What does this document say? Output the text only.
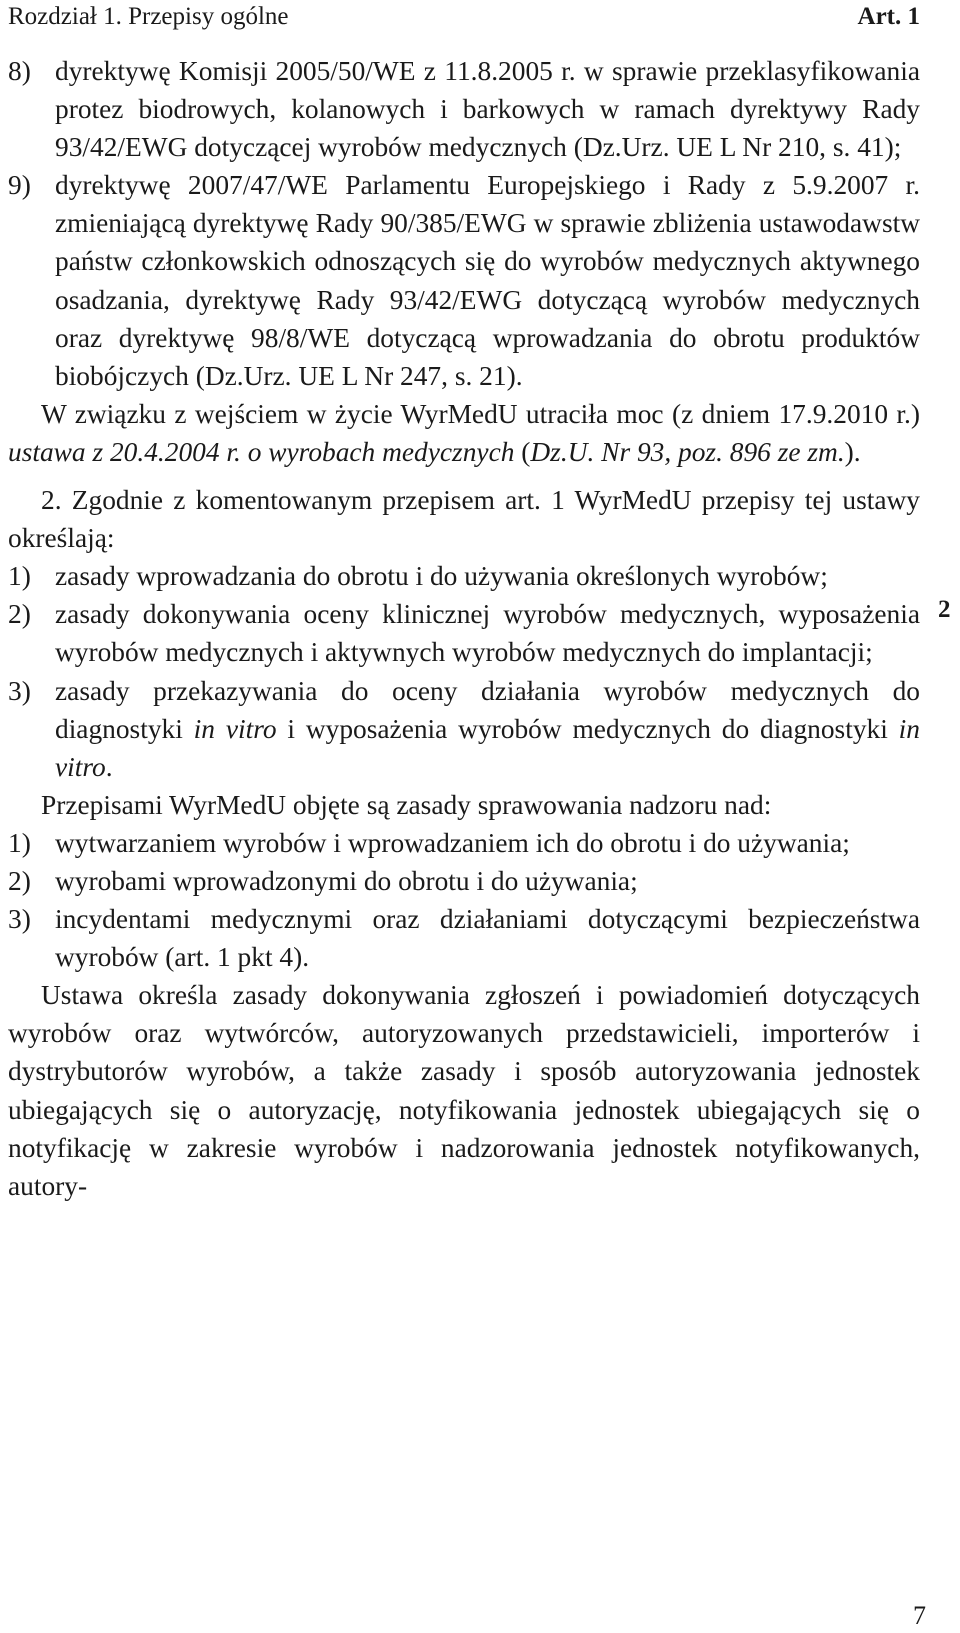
Rozdział 1. Przepisy ogólne	Art. 1
8) dyrektywę Komisji 2005/50/WE z 11.8.2005 r. w sprawie przeklasyfikowania protez biodrowych, kolanowych i barkowych w ramach dyrektywy Rady 93/42/EWG dotyczącej wyrobów medycznych (Dz.Urz. UE L Nr 210, s. 41);
9) dyrektywę 2007/47/WE Parlamentu Europejskiego i Rady z 5.9.2007 r. zmieniającą dyrektywę Rady 90/385/EWG w sprawie zbliżenia ustawodawstw państw członkowskich odnoszących się do wyrobów medycznych aktywnego osadzania, dyrektywę Rady 93/42/EWG dotyczącą wyrobów medycznych oraz dyrektywę 98/8/WE dotyczącą wprowadzania do obrotu produktów biobójczych (Dz.Urz. UE L Nr 247, s. 21).

W związku z wejściem w życie WyrMedU utraciła moc (z dniem 17.9.2010 r.) ustawa z 20.4.2004 r. o wyrobach medycznych (Dz.U. Nr 93, poz. 896 ze zm.).

2. Zgodnie z komentowanym przepisem art. 1 WyrMedU przepisy tej ustawy określają:

1) zasady wprowadzania do obrotu i do używania określonych wyrobów;
2) zasady dokonywania oceny klinicznej wyrobów medycznych, wyposażenia wyrobów medycznych i aktywnych wyrobów medycznych do implantacji;
3) zasady przekazywania do oceny działania wyrobów medycznych do diagnostyki in vitro i wyposażenia wyrobów medycznych do diagnostyki in vitro.

Przepisami WyrMedU objęte są zasady sprawowania nadzoru nad:

1) wytwarzaniem wyrobów i wprowadzaniem ich do obrotu i do używania;
2) wyrobami wprowadzonymi do obrotu i do używania;
3) incydentami medycznymi oraz działaniami dotyczącymi bezpieczeństwa wyrobów (art. 1 pkt 4).

Ustawa określa zasady dokonywania zgłoszeń i powiadomień dotyczących wyrobów oraz wytwórców, autoryzowanych przedstawicieli, importerów i dystrybutorów wyrobów, a także zasady i sposób autoryzowania jednostek ubiegających się o autoryzację, notyfikowania jednostek ubiegających się o notyfikację w zakresie wyrobów i nadzorowania jednostek notyfikowanych, autory-

2
7
